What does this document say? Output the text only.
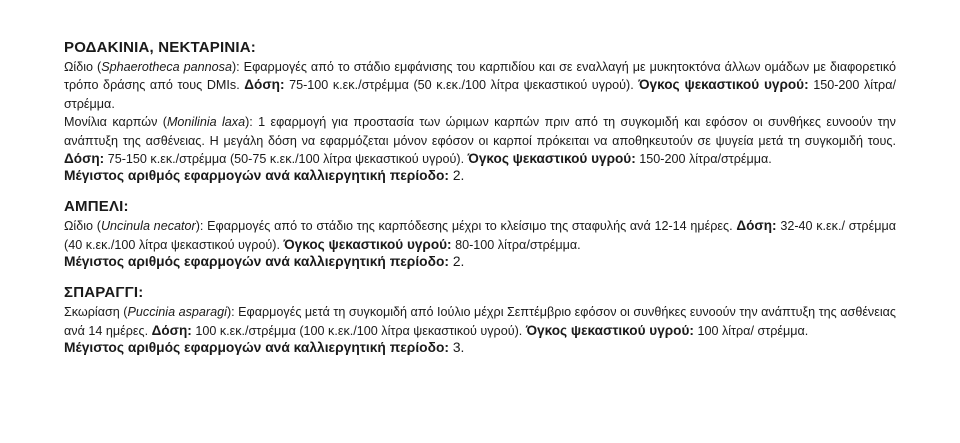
ΡΟΔΑΚΙΝΙΑ, ΝΕΚΤΑΡΙΝΙΑ:
Ωίδιο (Sphaerotheca pannosa): Εφαρμογές από το στάδιο εμφάνισης του καρπιδίου και σε εναλλαγή με μυκητοκτόνα άλλων ομάδων με διαφορετικό τρόπο δράσης από τους DMIs. Δόση: 75-100 κ.εκ./στρέμμα (50 κ.εκ./100 λίτρα ψεκαστικού υγρού). Όγκος ψεκαστικού υγρού: 150-200 λίτρα/στρέμμα.
Μονίλια καρπών (Monilinia laxa): 1 εφαρμογή για προστασία των ώριμων καρπών πριν από τη συγκομιδή και εφόσον οι συνθήκες ευνοούν την ανάπτυξη της ασθένειας. Η μεγάλη δόση να εφαρμόζεται μόνον εφόσον οι καρποί πρόκειται να αποθηκευτούν σε ψυγεία μετά τη συγκομιδή τους. Δόση: 75-150 κ.εκ./στρέμμα (50-75 κ.εκ./100 λίτρα ψεκαστικού υγρού). Όγκος ψεκαστικού υγρού: 150-200 λίτρα/στρέμμα.
Μέγιστος αριθμός εφαρμογών ανά καλλιεργητική περίοδο: 2.
ΑΜΠΕΛΙ:
Ωίδιο (Uncinula necator): Εφαρμογές από το στάδιο της καρπόδεσης μέχρι το κλείσιμο της σταφυλής ανά 12-14 ημέρες. Δόση: 32-40 κ.εκ./ στρέμμα (40 κ.εκ./100 λίτρα ψεκαστικού υγρού). Όγκος ψεκαστικού υγρού: 80-100 λίτρα/στρέμμα.
Μέγιστος αριθμός εφαρμογών ανά καλλιεργητική περίοδο: 2.
ΣΠΑΡΑΓΓΙ:
Σκωρίαση (Puccinia asparagi): Εφαρμογές μετά τη συγκομιδή από Ιούλιο μέχρι Σεπτέμβριο εφόσον οι συνθήκες ευνοούν την ανάπτυξη της ασθένειας ανά 14 ημέρες. Δόση: 100 κ.εκ./στρέμμα (100 κ.εκ./100 λίτρα ψεκαστικού υγρού). Όγκος ψεκαστικού υγρού: 100 λίτρα/ στρέμμα.
Μέγιστος αριθμός εφαρμογών ανά καλλιεργητική περίοδο: 3.
